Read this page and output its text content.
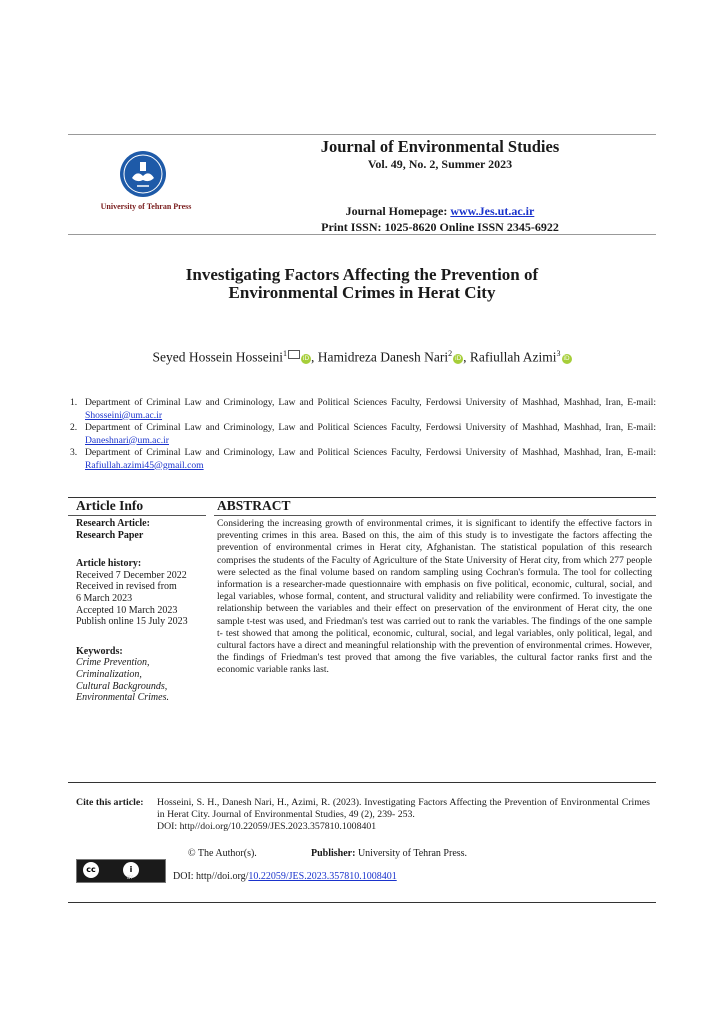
University of Tehran Press
Journal of Environmental Studies
Vol. 49, No. 2, Summer 2023
Journal Homepage: www.Jes.ut.ac.ir
Print ISSN: 1025-8620 Online ISSN 2345-6922
Investigating Factors Affecting the Prevention of
Environmental Crimes in Herat City
Seyed Hossein Hosseini$^1$	iD , Hamidreza Danesh Nari$^2$ iD , Rafiullah Azimi$^3$ iD
1. Department of Criminal Law and Criminology, Law and Political Sciences Faculty, Ferdowsi University of Mashhad, Mashhad, Iran, E-mail: Shosseini@um.ac.ir
2. Department of Criminal Law and Criminology, Law and Political Sciences Faculty, Ferdowsi University of Mashhad, Mashhad, Iran, E-mail: Daneshnari@um.ac.ir
3. Department of Criminal Law and Criminology, Law and Political Sciences Faculty, Ferdowsi University of Mashhad, Mashhad, Iran, E-mail: Rafiullah.azimi45@gmail.com
Article Info	ABSTRACT
Research Article:
Research Paper
Article history:
Received 7 December 2022
Received in revised from
6 March 2023
Accepted 10 March 2023
Publish online 15 July 2023
Keywords:
Crime Prevention,
Criminalization,
Cultural Backgrounds,
Environmental Crimes.
Considering the increasing growth of environmental crimes, it is significant to identify the effective factors in preventing crimes in this area. Based on this, the aim of this study is to investigate the factors affecting the prevention of environmental crimes in Herat city, Afghanistan. The statistical population of this research comprises the students of the Faculty of Agriculture of the State University of Herat city, from which 277 people were selected as the final volume based on random sampling using Cochran's formula. The tool for collecting information is a researcher-made questionnaire with emphasis on five political, economic, cultural, social, and legal variables, whose formal, content, and structural validity and reliability were confirmed. To investigate the relationship between the variables and their effect on preservation of the environment of Herat city, the one sample t-test was used, and Friedman's test was carried out to rank the variables. The findings of the one sample t- test showed that among the political, economic, cultural, social, and legal variables, only political, legal, and cultural factors have a direct and meaningful relationship with the prevention of environmental crimes. However, the findings of Friedman's test proved that among the five variables, the cultural factor ranks first and the economic variable ranks last.
Cite this article: Hosseini, S. H., Danesh Nari, H., Azimi, R. (2023). Investigating Factors Affecting the Prevention of Environmental Crimes in Herat City. Journal of Environmental Studies, 49 (2), 239- 253.
DOI: http//doi.org/10.22059/JES.2023.357810.1008401
© The Author(s).	Publisher: University of Tehran Press.
cc	i
BY	DOI: http//doi.org/10.22059/JES.2023.357810.1008401
